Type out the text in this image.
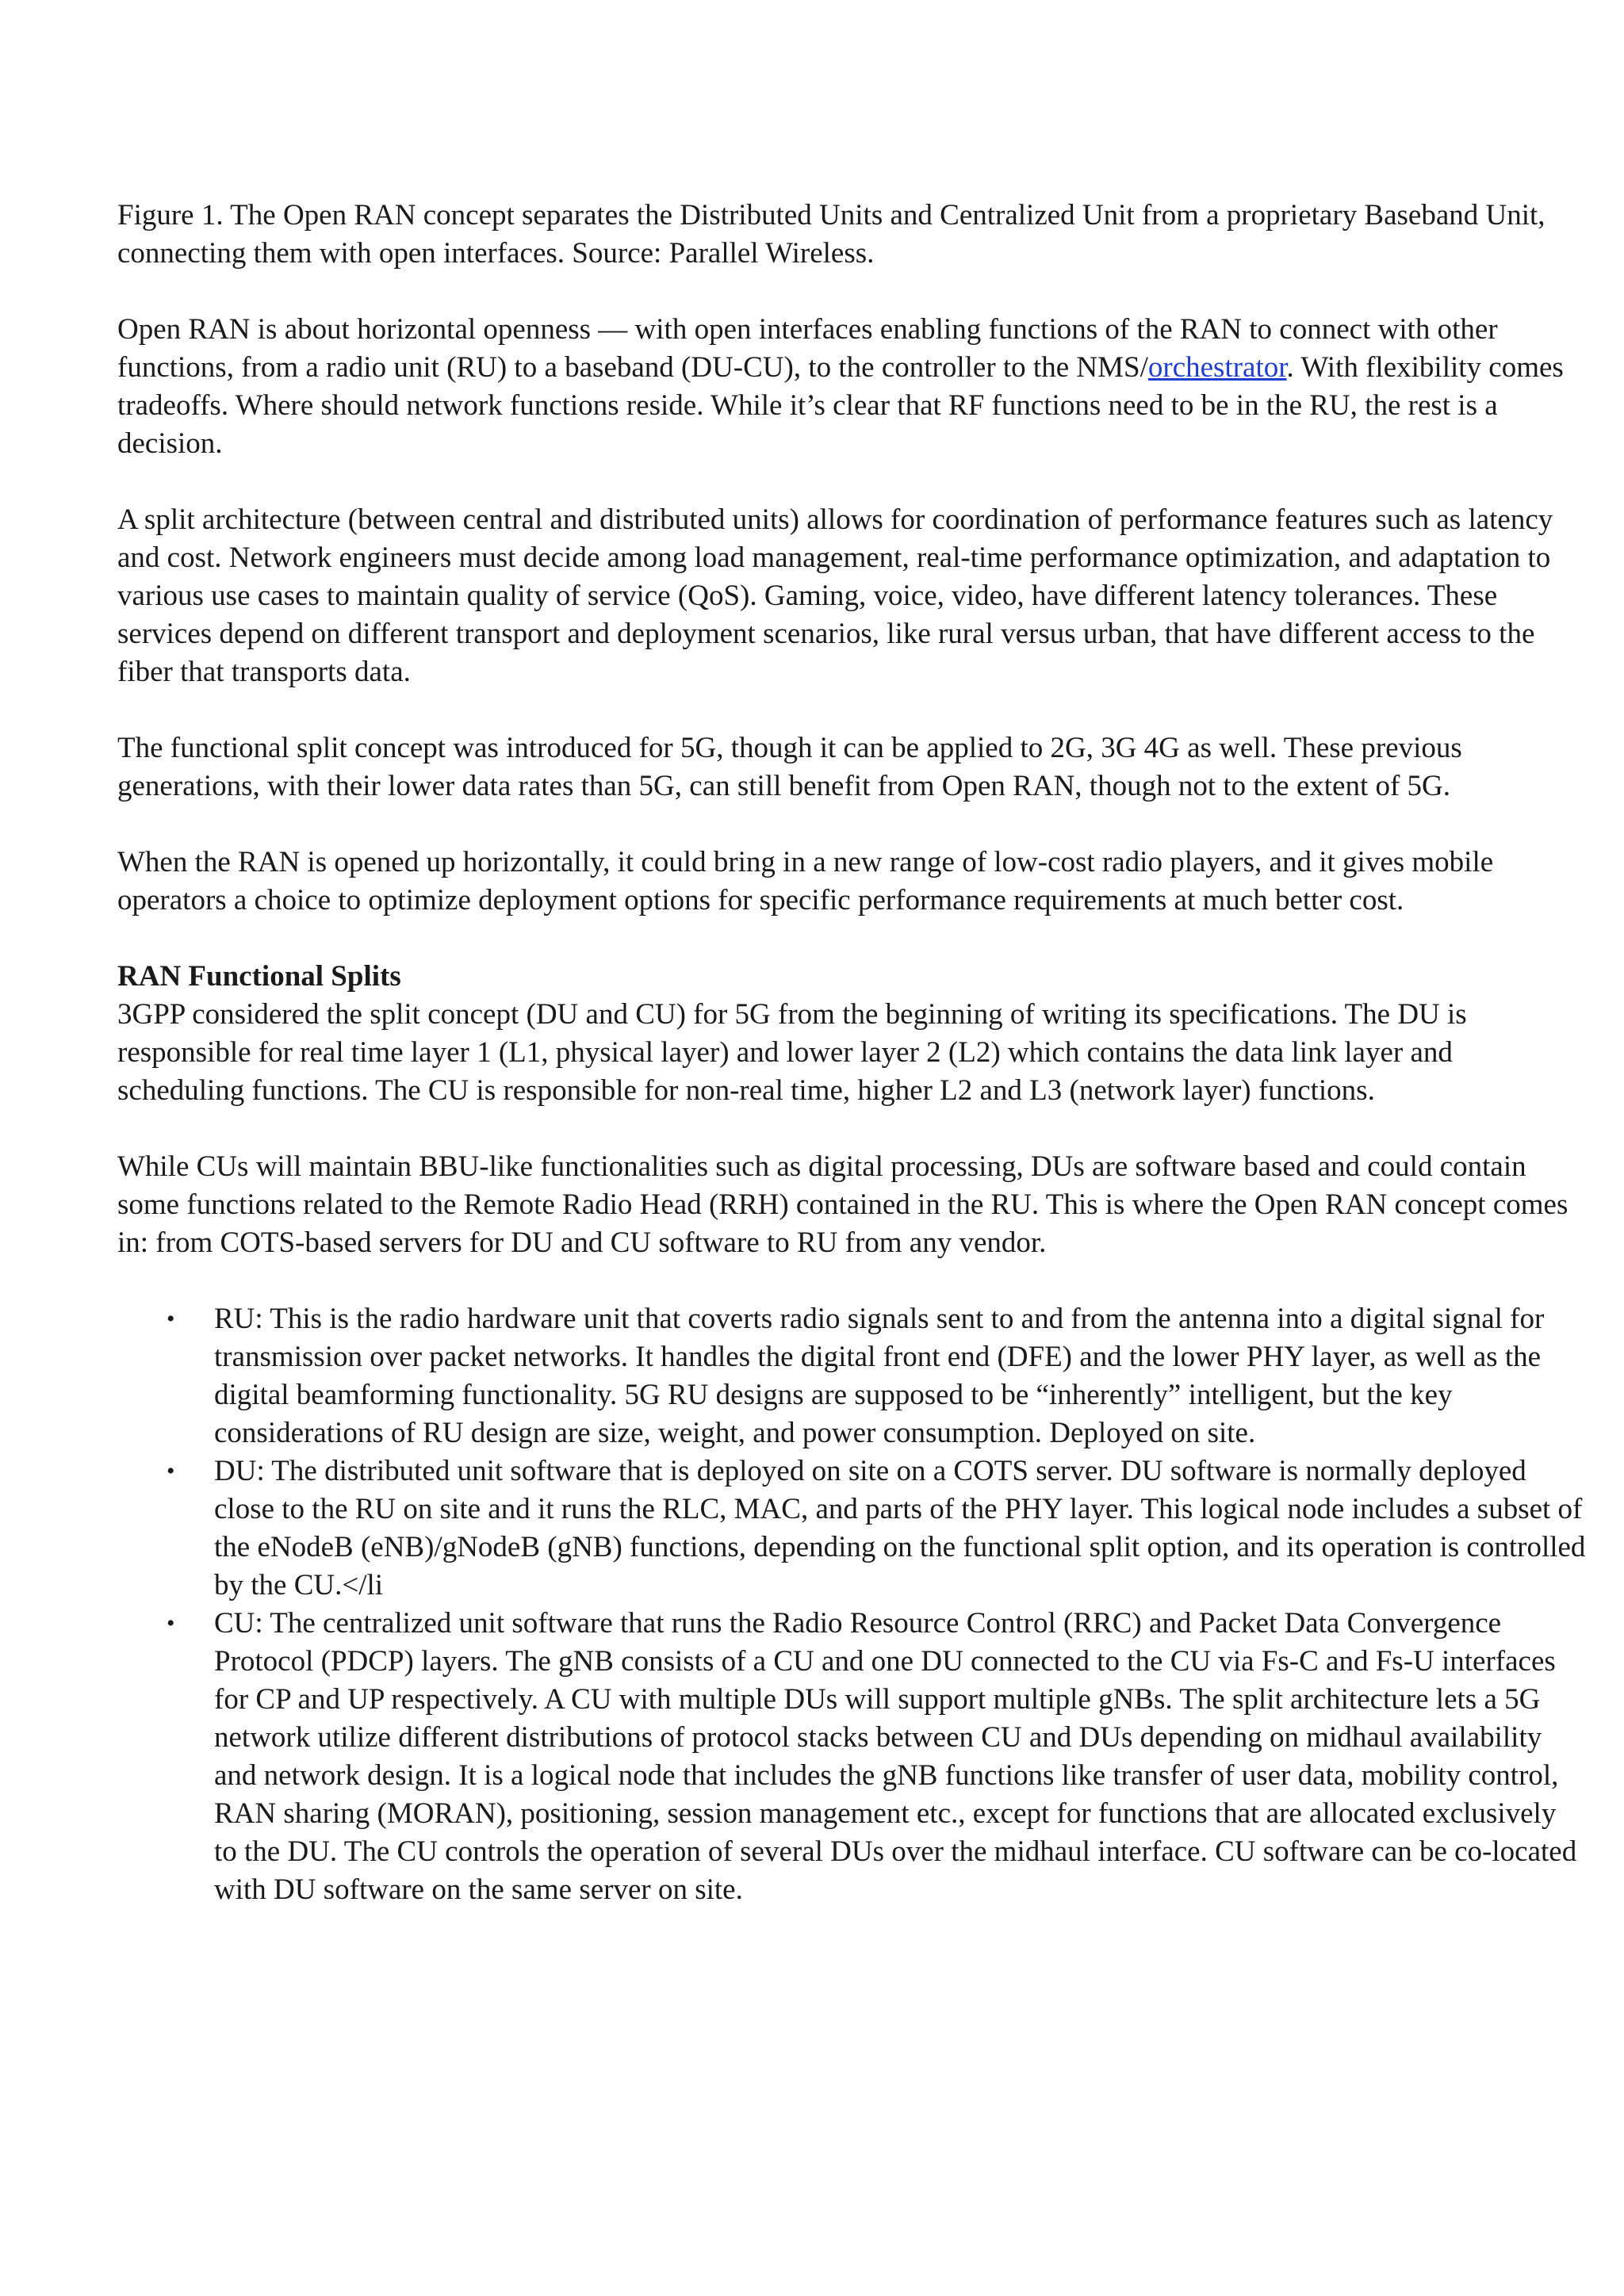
Figure 1. The Open RAN concept separates the Distributed Units and Centralized Unit from a proprietary Baseband Unit, connecting them with open interfaces. Source: Parallel Wireless.

Open RAN is about horizontal openness — with open interfaces enabling functions of the RAN to connect with other functions, from a radio unit (RU) to a baseband (DU-CU), to the controller to the NMS/orchestrator. With flexibility comes tradeoffs. Where should network functions reside. While it’s clear that RF functions need to be in the RU, the rest is a decision.

A split architecture (between central and distributed units) allows for coordination of performance features such as latency and cost. Network engineers must decide among load management, real-time performance optimization, and adaptation to various use cases to maintain quality of service (QoS). Gaming, voice, video, have different latency tolerances. These services depend on different transport and deployment scenarios, like rural versus urban, that have different access to the fiber that transports data.

The functional split concept was introduced for 5G, though it can be applied to 2G, 3G 4G as well. These previous generations, with their lower data rates than 5G, can still benefit from Open RAN, though not to the extent of 5G.

When the RAN is opened up horizontally, it could bring in a new range of low-cost radio players, and it gives mobile operators a choice to optimize deployment options for specific performance requirements at much better cost.

RAN Functional Splits
3GPP considered the split concept (DU and CU) for 5G from the beginning of writing its specifications. The DU is responsible for real time layer 1 (L1, physical layer) and lower layer 2 (L2) which contains the data link layer and scheduling functions. The CU is responsible for non-real time, higher L2 and L3 (network layer) functions.

While CUs will maintain BBU-like functionalities such as digital processing, DUs are software based and could contain some functions related to the Remote Radio Head (RRH) contained in the RU. This is where the Open RAN concept comes in: from COTS-based servers for DU and CU software to RU from any vendor.

• RU: This is the radio hardware unit that coverts radio signals sent to and from the antenna into a digital signal for transmission over packet networks. It handles the digital front end (DFE) and the lower PHY layer, as well as the digital beamforming functionality. 5G RU designs are supposed to be “inherently” intelligent, but the key considerations of RU design are size, weight, and power consumption. Deployed on site.
• DU: The distributed unit software that is deployed on site on a COTS server. DU software is normally deployed close to the RU on site and it runs the RLC, MAC, and parts of the PHY layer. This logical node includes a subset of the eNodeB (eNB)/gNodeB (gNB) functions, depending on the functional split option, and its operation is controlled by the CU.</li
• CU: The centralized unit software that runs the Radio Resource Control (RRC) and Packet Data Convergence Protocol (PDCP) layers. The gNB consists of a CU and one DU connected to the CU via Fs-C and Fs-U interfaces for CP and UP respectively. A CU with multiple DUs will support multiple gNBs. The split architecture lets a 5G network utilize different distributions of protocol stacks between CU and DUs depending on midhaul availability and network design. It is a logical node that includes the gNB functions like transfer of user data, mobility control, RAN sharing (MORAN), positioning, session management etc., except for functions that are allocated exclusively to the DU. The CU controls the operation of several DUs over the midhaul interface. CU software can be co-located with DU software on the same server on site.
